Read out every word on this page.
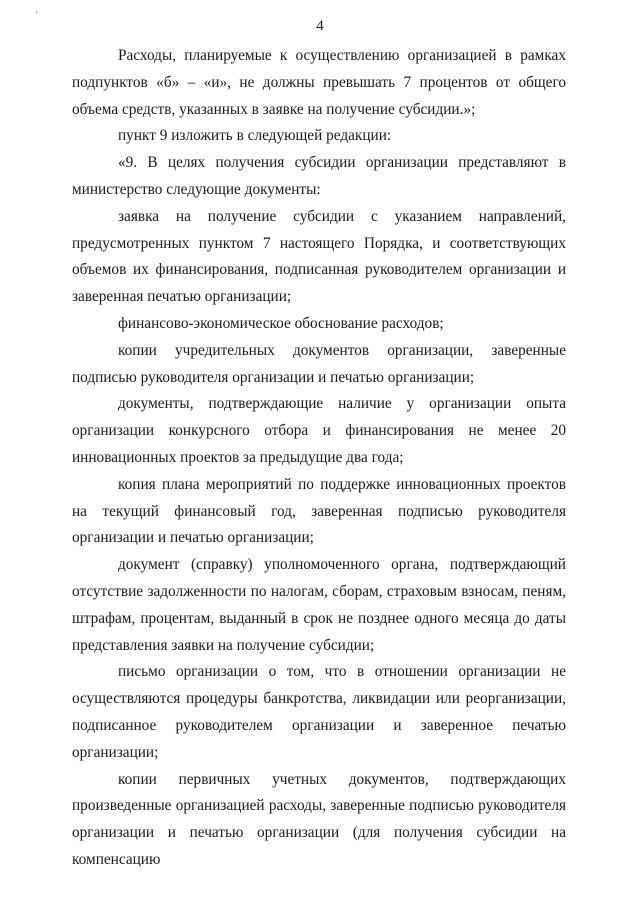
'
4

Расходы, планируемые к осуществлению организацией в рамках подпунктов «б» – «и», не должны превышать 7 процентов от общего объема средств, указанных в заявке на получение субсидии.»;

пункт 9 изложить в следующей редакции:

«9. В целях получения субсидии организации представляют в министерство следующие документы:

заявка на получение субсидии с указанием направлений, предусмотренных пунктом 7 настоящего Порядка, и соответствующих объемов их финансирования, подписанная руководителем организации и заверенная печатью организации;

финансово-экономическое обоснование расходов;

копии учредительных документов организации, заверенные подписью руководителя организации и печатью организации;

документы, подтверждающие наличие у организации опыта организации конкурсного отбора и финансирования не менее 20 инновационных проектов за предыдущие два года;

копия плана мероприятий по поддержке инновационных проектов на текущий финансовый год, заверенная подписью руководителя организации и печатью организации;

документ (справку) уполномоченного органа, подтверждающий отсутствие задолженности по налогам, сборам, страховым взносам, пеням, штрафам, процентам, выданный в срок не позднее одного месяца до даты представления заявки на получение субсидии;

письмо организации о том, что в отношении организации не осуществляются процедуры банкротства, ликвидации или реорганизации, подписанное руководителем организации и заверенное печатью организации;

копии первичных учетных документов, подтверждающих произведенные организацией расходы, заверенные подписью руководителя организации и печатью организации (для получения субсидии на компенсацию
